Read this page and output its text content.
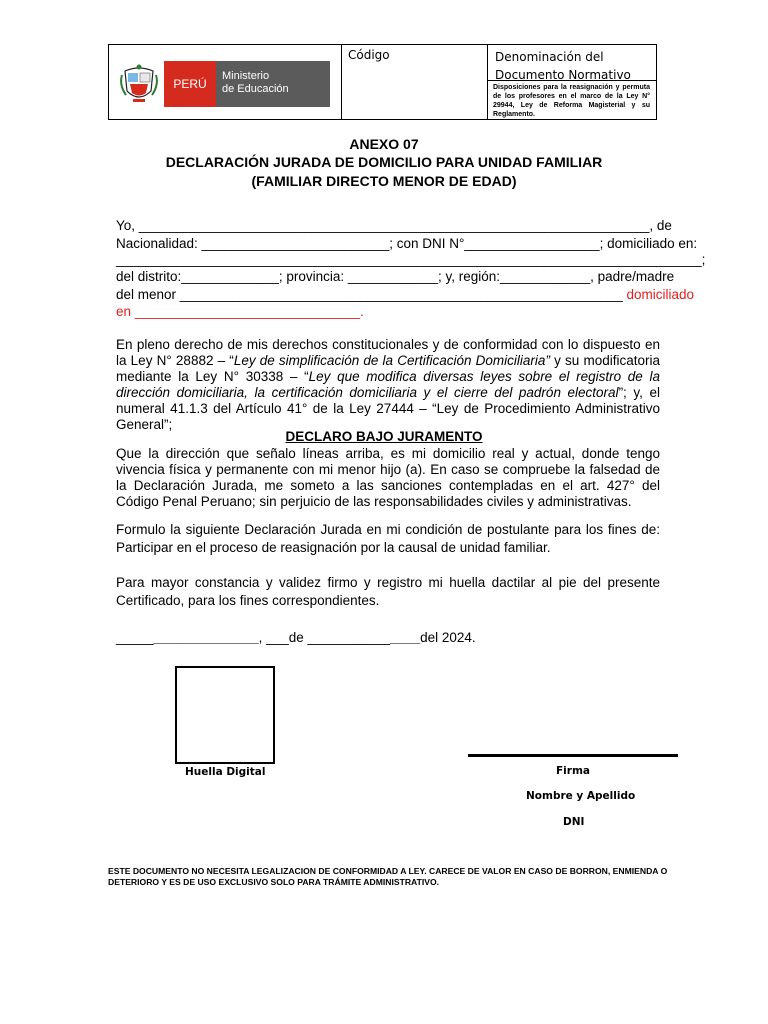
PERÚ
Ministerio
de Educación
Código	Denominación del Documento Normativo
Disposiciones para la reasignación y permuta de los profesores en el marco de la Ley N° 29944, Ley de Reforma Magisterial y su Reglamento.
ANEXO 07
DECLARACIÓN JURADA DE DOMICILIO PARA UNIDAD FAMILIAR
(FAMILIAR DIRECTO MENOR DE EDAD)
Yo, ____________________________________________________________________, de
Nacionalidad: _________________________; con DNI N°__________________; domiciliado en:
______________________________________________________________________________;
del distrito:_____________; provincia: ____________; y, región:____________, padre/madre
del menor ___________________________________________________________ domiciliado
en ______________________________.
En pleno derecho de mis derechos constitucionales y de conformidad con lo dispuesto en la Ley N° 28882 – “Ley de simplificación de la Certificación Domiciliaria” y su modificatoria mediante la Ley N° 30338 – “Ley que modifica diversas leyes sobre el registro de la dirección domiciliaria, la certificación domiciliaria y el cierre del padrón electoral”; y, el numeral 41.1.3 del Artículo 41° de la Ley 27444 – “Ley de Procedimiento Administrativo General”;
DECLARO BAJO JURAMENTO
Que la dirección que señalo líneas arriba, es mi domicilio real y actual, donde tengo vivencia física y permanente con mi menor hijo (a). En caso se compruebe la falsedad de la Declaración Jurada, me someto a las sanciones contempladas en el art. 427° del Código Penal Peruano; sin perjuicio de las responsabilidades civiles y administrativas.
Formulo la siguiente Declaración Jurada en mi condición de postulante para los fines de: Participar en el proceso de reasignación por la causal de unidad familiar.
Para mayor constancia y validez firmo y registro mi huella dactilar al pie del presente Certificado, para los fines correspondientes.
___________________, ___de _______________del 2024.
Huella Digital	Firma
Nombre y Apellido
DNI
ESTE DOCUMENTO NO NECESITA LEGALIZACION DE CONFORMIDAD A LEY. CARECE DE VALOR EN CASO DE BORRON, ENMIENDA O DETERIORO Y ES DE USO EXCLUSIVO SOLO PARA TRÁMITE ADMINISTRATIVO.
